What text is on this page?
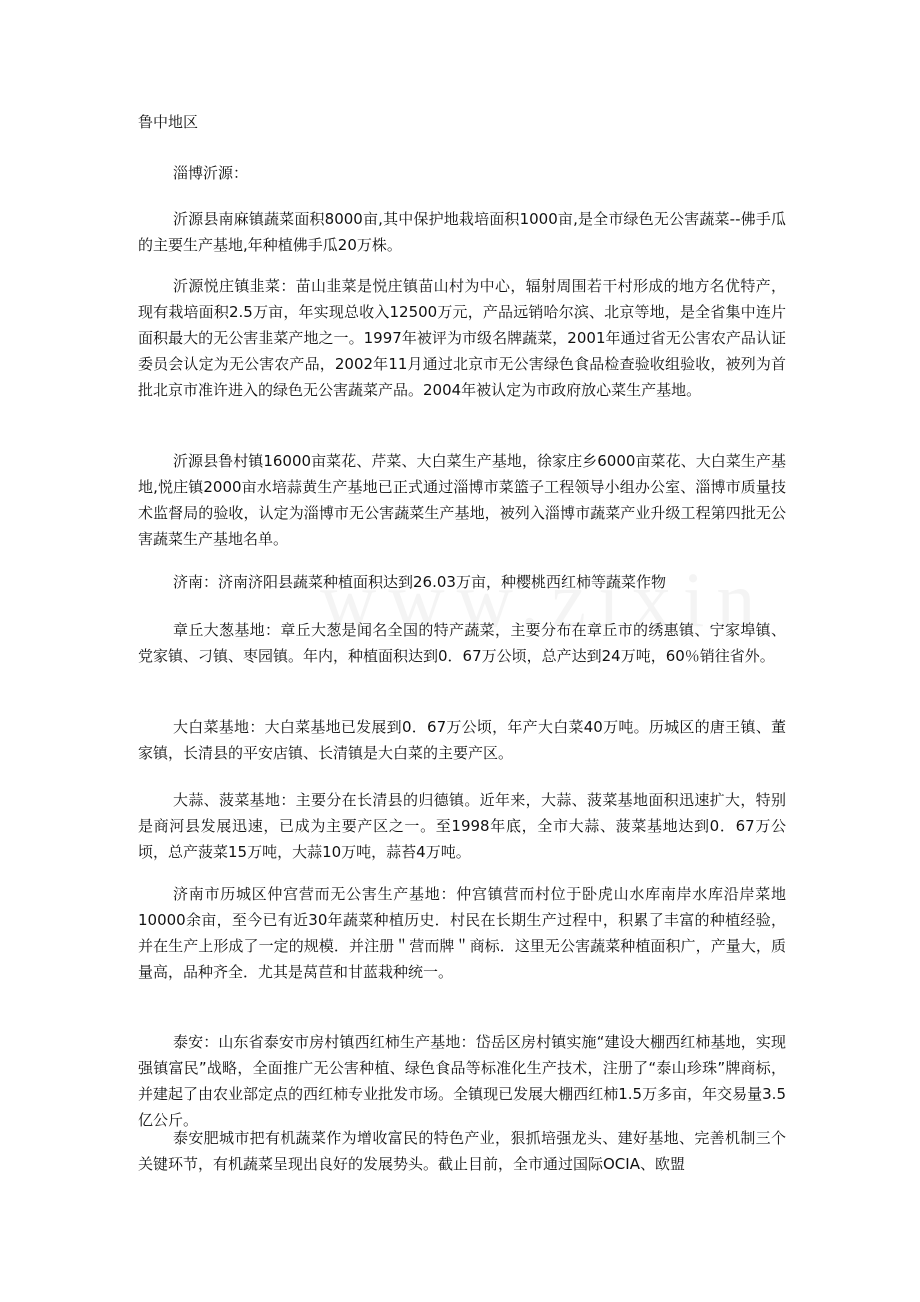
鲁中地区

淄博沂源：

沂源县南麻镇蔬菜面积8000亩,其中保护地栽培面积1000亩,是全市绿色无公害蔬菜--佛手瓜的主要生产基地,年种植佛手瓜20万株。

沂源悦庄镇韭菜：苗山韭菜是悦庄镇苗山村为中心，辐射周围若干村形成的地方名优特产，现有栽培面积2.5万亩，年实现总收入12500万元，产品远销哈尔滨、北京等地，是全省集中连片面积最大的无公害韭菜产地之一。1997年被评为市级名牌蔬菜，2001年通过省无公害农产品认证委员会认定为无公害农产品，2002年11月通过北京市无公害绿色食品检查验收组验收，被列为首批北京市准许进入的绿色无公害蔬菜产品。2004年被认定为市政府放心菜生产基地。

沂源县鲁村镇16000亩菜花、芹菜、大白菜生产基地，徐家庄乡6000亩菜花、大白菜生产基地,悦庄镇2000亩水培蒜黄生产基地已正式通过淄博市菜篮子工程领导小组办公室、淄博市质量技术监督局的验收，认定为淄博市无公害蔬菜生产基地，被列入淄博市蔬菜产业升级工程第四批无公害蔬菜生产基地名单。

济南：济南济阳县蔬菜种植面积达到26.03万亩，种樱桃西红柿等蔬菜作物

章丘大葱基地：章丘大葱是闻名全国的特产蔬菜，主要分布在章丘市的绣惠镇、宁家埠镇、党家镇、刁镇、枣园镇。年内，种植面积达到0．67万公顷，总产达到24万吨，60％销往省外。

大白菜基地：大白菜基地已发展到0．67万公顷，年产大白菜40万吨。历城区的唐王镇、董家镇，长清县的平安店镇、长清镇是大白菜的主要产区。

大蒜、菠菜基地：主要分在长清县的归德镇。近年来，大蒜、菠菜基地面积迅速扩大，特别是商河县发展迅速，已成为主要产区之一。至1998年底，全市大蒜、菠菜基地达到0．67万公顷，总产菠菜15万吨，大蒜10万吨，蒜苔4万吨。

济南市历城区仲宫营而无公害生产基地：仲宫镇营而村位于卧虎山水库南岸水库沿岸菜地10000余亩，至今已有近30年蔬菜种植历史．村民在长期生产过程中，积累了丰富的种植经验，并在生产上形成了一定的规模．并注册＂营而牌＂商标．这里无公害蔬菜种植面积广，产量大，质量高，品种齐全．尤其是莴苣和甘蓝栽种统一。

泰安：山东省泰安市房村镇西红柿生产基地：岱岳区房村镇实施“建设大棚西红柿基地，实现强镇富民”战略，全面推广无公害种植、绿色食品等标准化生产技术，注册了“泰山珍珠”牌商标，并建起了由农业部定点的西红柿专业批发市场。全镇现已发展大棚西红柿1.5万多亩，年交易量3.5亿公斤。

泰安肥城市把有机蔬菜作为增收富民的特色产业，狠抓培强龙头、建好基地、完善机制三个关键环节，有机蔬菜呈现出良好的发展势头。截止目前，全市通过国际OCIA、欧盟
